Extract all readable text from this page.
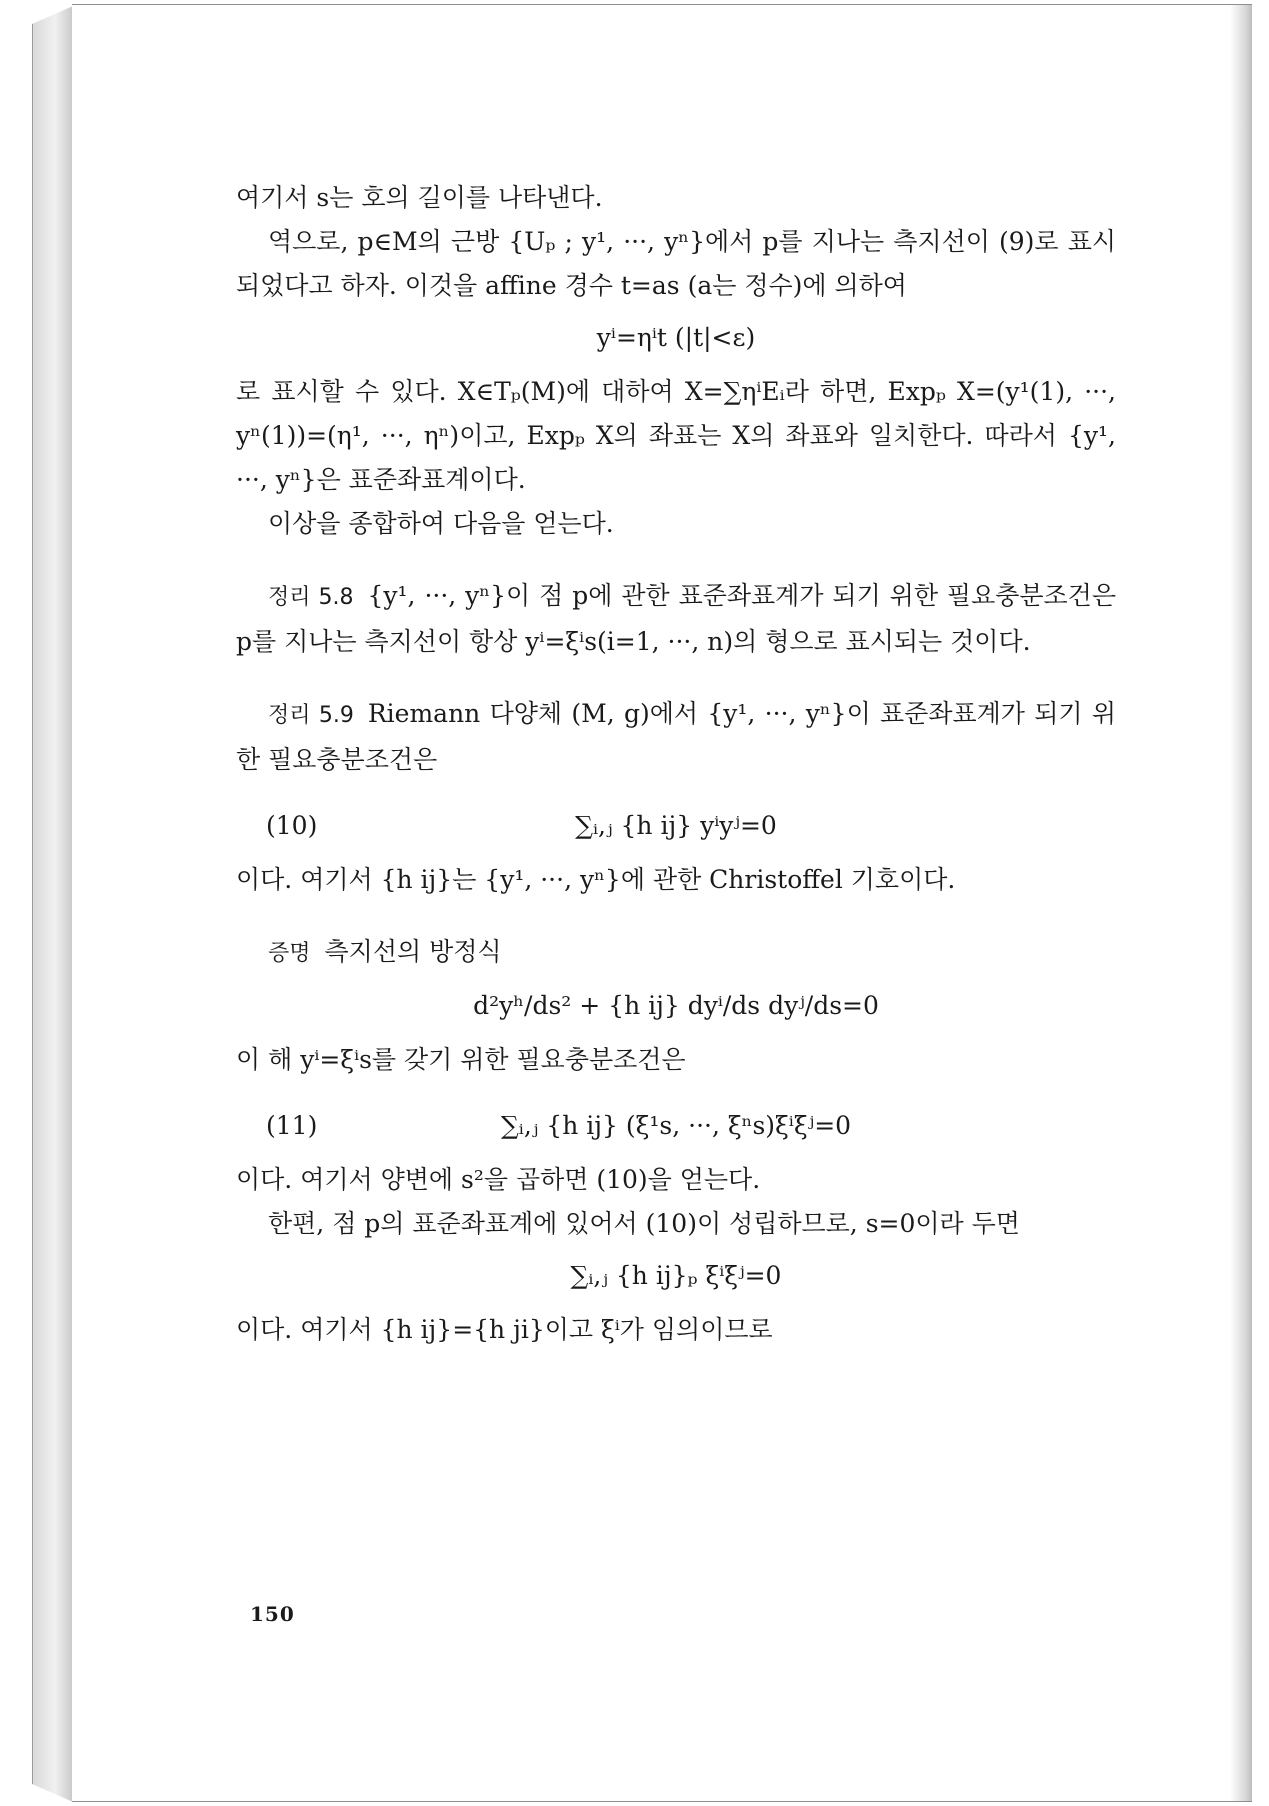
여기서 s는 호의 길이를 나타낸다.

역으로, p∈M의 근방 {Uₚ ; y¹, ···, yⁿ}에서 p를 지나는 측지선이 (9)로 표시되었다고 하자. 이것을 affine 경수 t=as (a는 정수)에 의하여

yⁱ=ηⁱt (|t|<ε)

로 표시할 수 있다. X∈Tₚ(M)에 대하여 X=∑ηⁱEᵢ라 하면, Expₚ X=(y¹(1), ···, yⁿ(1))=(η¹, ···, ηⁿ)이고, Expₚ X의 좌표는 X의 좌표와 일치한다. 따라서 {y¹, ···, yⁿ}은 표준좌표계이다.

이상을 종합하여 다음을 얻는다.

정리 5.8 {y¹, ···, yⁿ}이 점 p에 관한 표준좌표계가 되기 위한 필요충분조건은 p를 지나는 측지선이 항상 yⁱ=ξⁱs(i=1, ···, n)의 형으로 표시되는 것이다.

정리 5.9 Riemann 다양체 (M, g)에서 {y¹, ···, yⁿ}이 표준좌표계가 되기 위한 필요충분조건은

(10)	∑ᵢ,ⱼ {h ij} yⁱyʲ=0

이다. 여기서 {h ij}는 {y¹, ···, yⁿ}에 관한 Christoffel 기호이다.

증명 측지선의 방정식

d²yʰ/ds² + {h ij} dyⁱ/ds dyʲ/ds=0

이 해 yⁱ=ξⁱs를 갖기 위한 필요충분조건은

(11)	∑ᵢ,ⱼ {h ij} (ξ¹s, ···, ξⁿs)ξⁱξʲ=0

이다. 여기서 양변에 s²을 곱하면 (10)을 얻는다.

한편, 점 p의 표준좌표계에 있어서 (10)이 성립하므로, s=0이라 두면

∑ᵢ,ⱼ {h ij}ₚ ξⁱξʲ=0

이다. 여기서 {h ij}={h ji}이고 ξⁱ가 임의이므로

150
